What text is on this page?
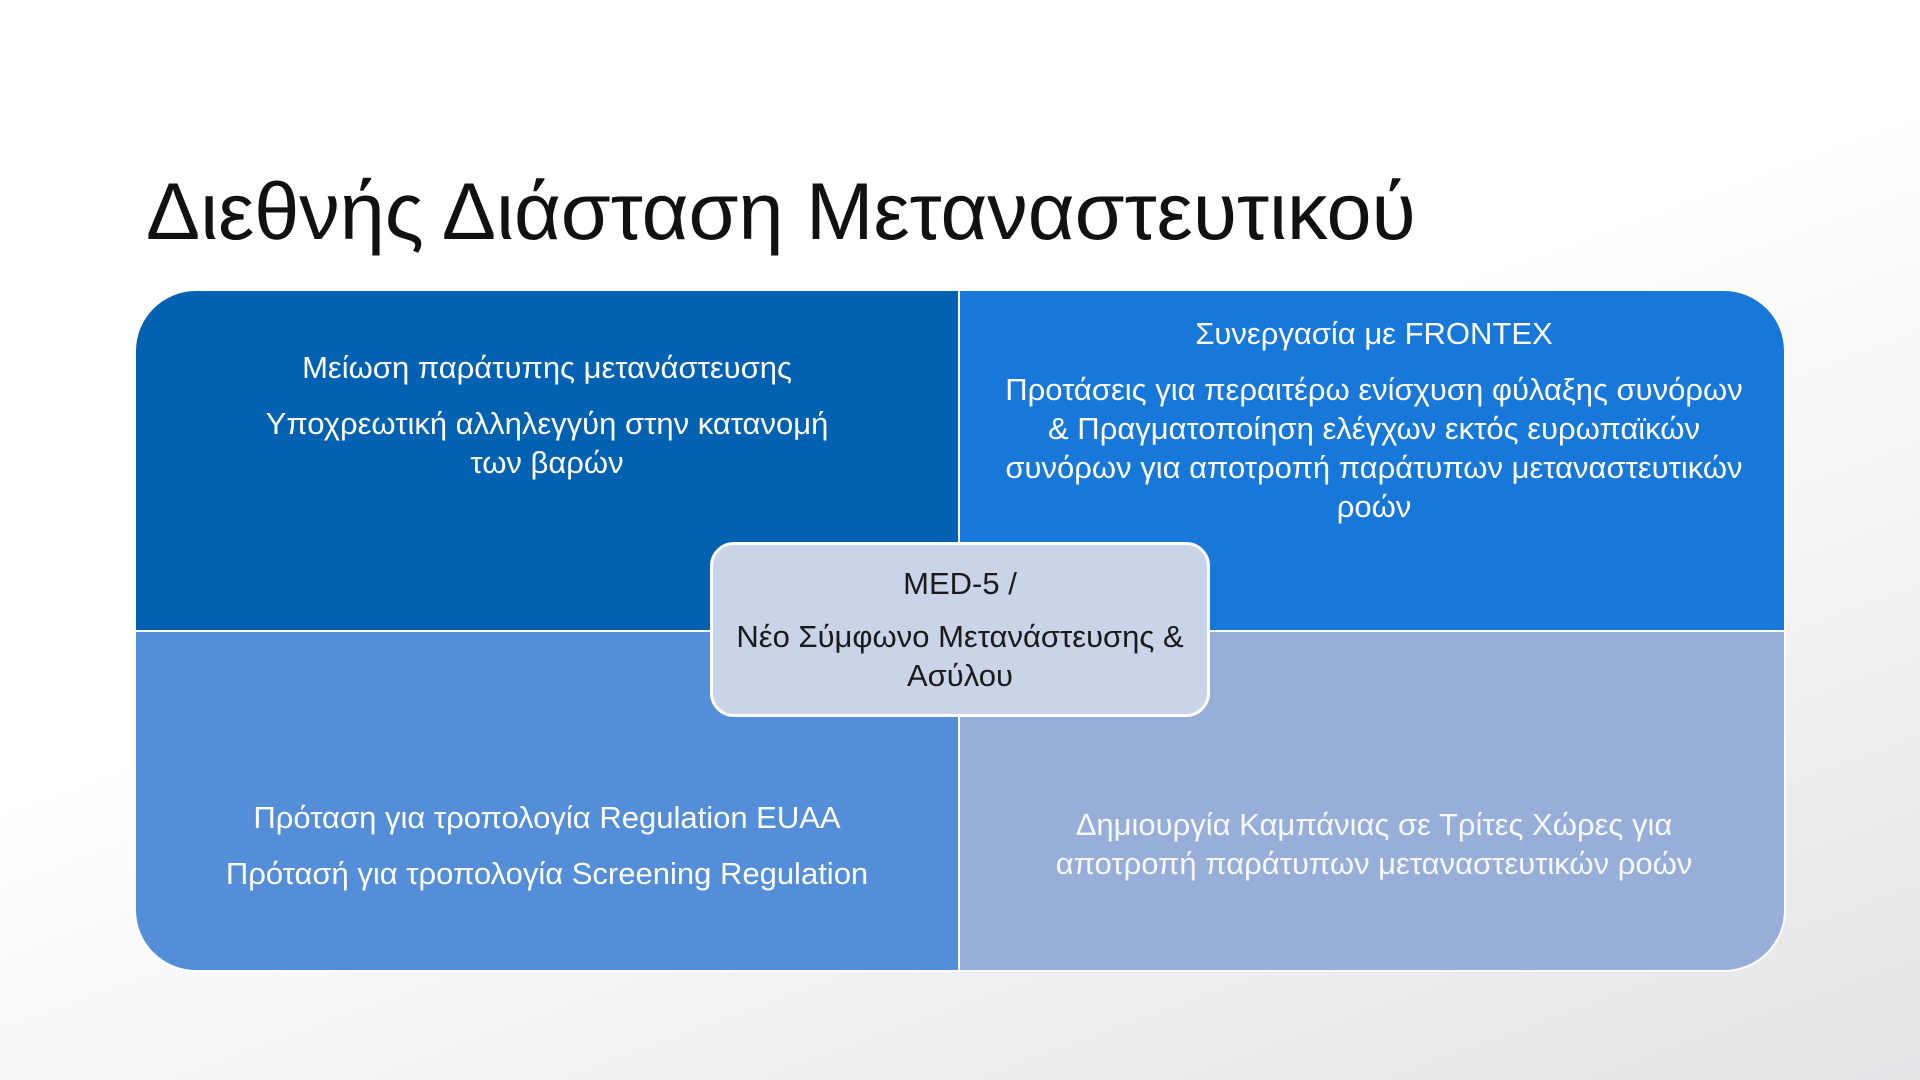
Διεθνής Διάσταση Μεταναστευτικού

Μείωση παράτυπης μετανάστευσης

Υποχρεωτική αλληλεγγύη στην κατανομή των βαρών

Συνεργασία με FRONTEX

Προτάσεις για περαιτέρω ενίσχυση φύλαξης συνόρων & Πραγματοποίηση ελέγχων εκτός ευρωπαϊκών συνόρων για αποτροπή παράτυπων μεταναστευτικών ροών

Πρόταση για τροπολογία Regulation EUAA

Πρότασή για τροπολογία Screening Regulation

Δημιουργία Καμπάνιας σε Τρίτες Χώρες για αποτροπή παράτυπων μεταναστευτικών ροών

MED-5 /

Νέο Σύμφωνο Μετανάστευσης & Ασύλου
